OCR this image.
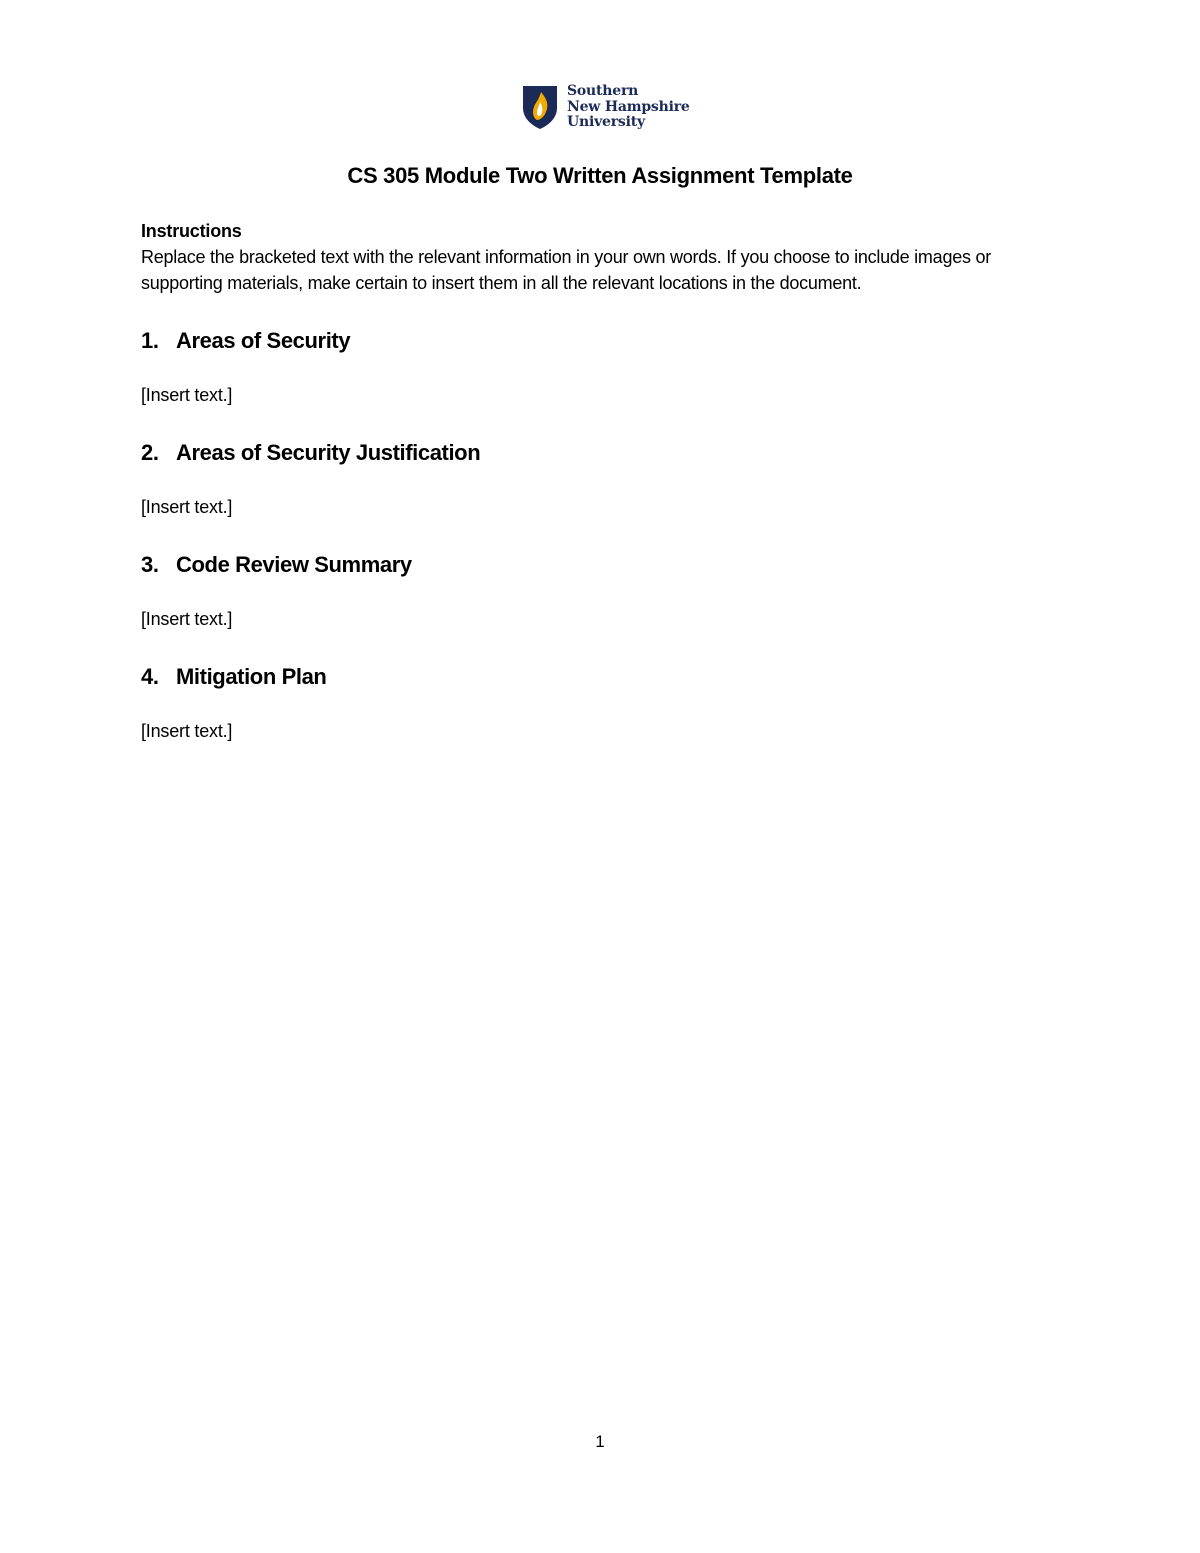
Southern
New Hampshire
University
CS 305 Module Two Written Assignment Template

Instructions

Replace the bracketed text with the relevant information in your own words. If you choose to include images or supporting materials, make certain to insert them in all the relevant locations in the document.

1. Areas of Security
[Insert text.]
2. Areas of Security Justification
[Insert text.]
3. Code Review Summary
[Insert text.]
4. Mitigation Plan
[Insert text.]
1
